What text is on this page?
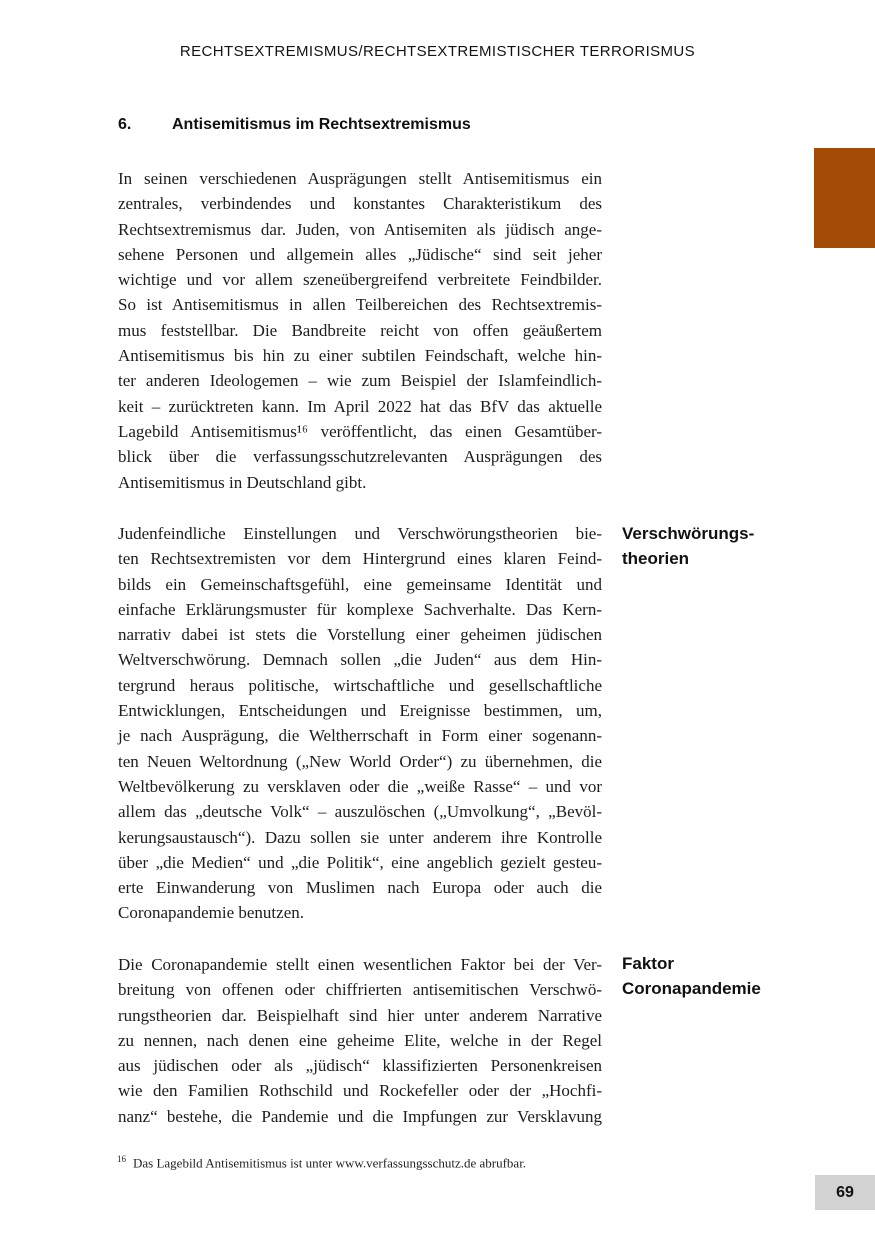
RECHTSEXTREMISMUS/RECHTSEXTREMISTISCHER TERRORISMUS
6.	Antisemitismus im Rechtsextremismus
In seinen verschiedenen Ausprägungen stellt Antisemitismus ein
zentrales, verbindendes und konstantes Charakteristikum des
Rechtsextremismus dar. Juden, von Antisemiten als jüdisch ange-
sehene Personen und allgemein alles „Jüdische“ sind seit jeher
wichtige und vor allem szeneübergreifend verbreitete Feindbilder.
So ist Antisemitismus in allen Teilbereichen des Rechtsextremis-
mus feststellbar. Die Bandbreite reicht von offen geäußertem
Antisemitismus bis hin zu einer subtilen Feindschaft, welche hin-
ter anderen Ideologemen – wie zum Beispiel der Islamfeindlich-
keit – zurücktreten kann. Im April 2022 hat das BfV das aktuelle
Lagebild Antisemitismus¹⁶ veröffentlicht, das einen Gesamtüber-
blick über die verfassungsschutzrelevanten Ausprägungen des
Antisemitismus in Deutschland gibt.
Judenfeindliche Einstellungen und Verschwörungstheorien bie-
ten Rechtsextremisten vor dem Hintergrund eines klaren Feind-
bilds ein Gemeinschaftsgefühl, eine gemeinsame Identität und
einfache Erklärungsmuster für komplexe Sachverhalte. Das Kern-
narrativ dabei ist stets die Vorstellung einer geheimen jüdischen
Weltverschwörung. Demnach sollen „die Juden“ aus dem Hin-
tergrund heraus politische, wirtschaftliche und gesellschaftliche
Entwicklungen, Entscheidungen und Ereignisse bestimmen, um,
je nach Ausprägung, die Weltherrschaft in Form einer sogenann-
ten Neuen Weltordnung („New World Order“) zu übernehmen, die
Weltbevölkerung zu versklaven oder die „weiße Rasse“ – und vor
allem das „deutsche Volk“ – auszulöschen („Umvolkung“, „Bevöl-
kerungsaustausch“). Dazu sollen sie unter anderem ihre Kontrolle
über „die Medien“ und „die Politik“, eine angeblich gezielt gesteu-
erte Einwanderung von Muslimen nach Europa oder auch die
Coronapandemie benutzen.
Die Coronapandemie stellt einen wesentlichen Faktor bei der Ver-
breitung von offenen oder chiffrierten antisemitischen Verschwö-
rungstheorien dar. Beispielhaft sind hier unter anderem Narrative
zu nennen, nach denen eine geheime Elite, welche in der Regel
aus jüdischen oder als „jüdisch“ klassifizierten Personenkreisen
wie den Familien Rothschild und Rockefeller oder der „Hochfi-
nanz“ bestehe, die Pandemie und die Impfungen zur Versklavung
Verschwörungs-
theorien
Faktor
Coronapandemie
$^{16}$ Das Lagebild Antisemitismus ist unter www.verfassungsschutz.de abrufbar.
69
